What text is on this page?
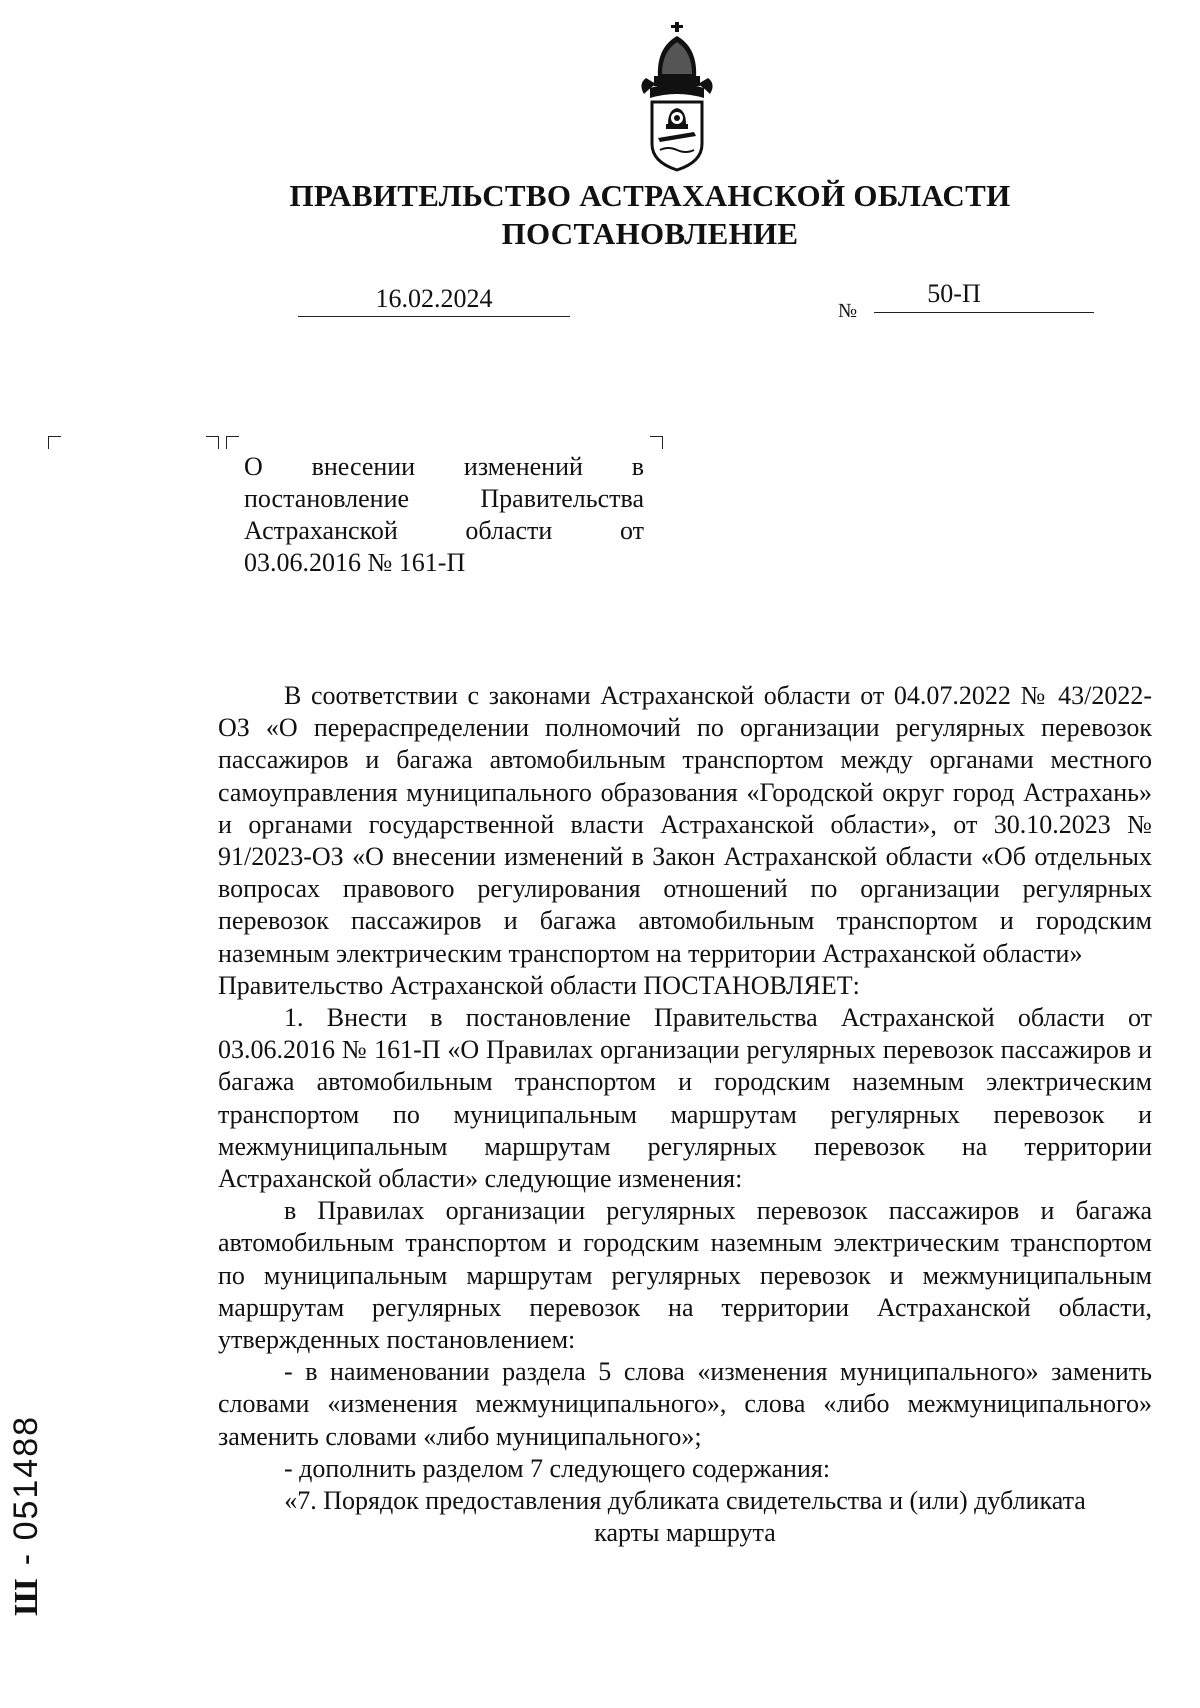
ПРАВИТЕЛЬСТВО АСТРАХАНСКОЙ ОБЛАСТИ
ПОСТАНОВЛЕНИЕ
16.02.2024	№
50-П
О внесении изменений в постановление Правительства Астраханской области от 03.06.2016 № 161-П

В соответствии с законами Астраханской области от 04.07.2022 № 43/2022-ОЗ «О перераспределении полномочий по организации регулярных перевозок пассажиров и багажа автомобильным транспортом между органами местного самоуправления муниципального образования «Городской округ город Астрахань» и органами государственной власти Астраханской области», от 30.10.2023 № 91/2023-ОЗ «О внесении изменений в Закон Астраханской области «Об отдельных вопросах правового регулирования отношений по организации регулярных перевозок пассажиров и багажа автомобильным транспортом и городским наземным электрическим транспортом на территории Астраханской области»

Правительство Астраханской области ПОСТАНОВЛЯЕТ:

1. Внести в постановление Правительства Астраханской области от 03.06.2016 № 161-П «О Правилах организации регулярных перевозок пассажиров и багажа автомобильным транспортом и городским наземным электрическим транспортом по муниципальным маршрутам регулярных перевозок и межмуниципальным маршрутам регулярных перевозок на территории Астраханской области» следующие изменения:

в Правилах организации регулярных перевозок пассажиров и багажа автомобильным транспортом и городским наземным электрическим транспортом по муниципальным маршрутам регулярных перевозок и межмуниципальным маршрутам регулярных перевозок на территории Астраханской области, утвержденных постановлением:

- в наименовании раздела 5 слова «изменения муниципального» заменить словами «изменения межмуниципального», слова «либо межмуниципального» заменить словами «либо муниципального»;

- дополнить разделом 7 следующего содержания:

«7. Порядок предоставления дубликата свидетельства и (или) дубликата

карты маршрута

Ш - 051488
